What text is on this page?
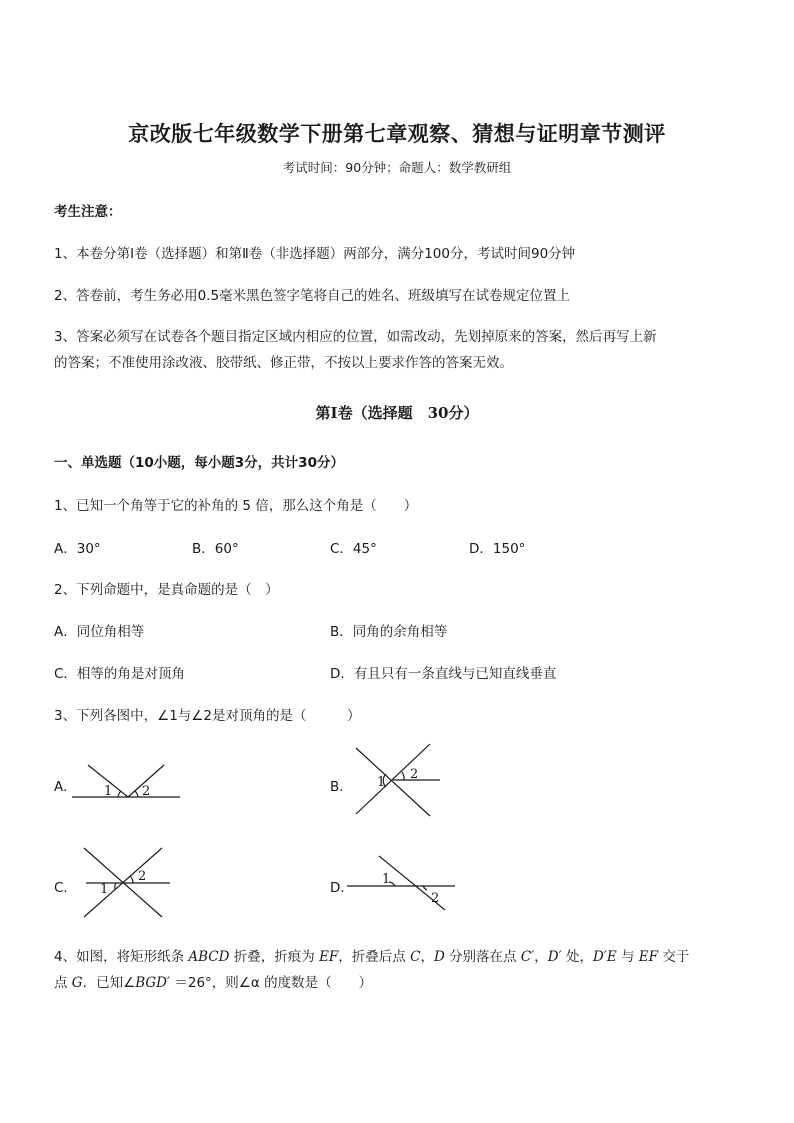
京改版七年级数学下册第七章观察、猜想与证明章节测评
考试时间：90分钟；命题人：数学教研组
考生注意：
1、本卷分第Ⅰ卷（选择题）和第Ⅱ卷（非选择题）两部分，满分100分，考试时间90分钟
2、答卷前，考生务必用0.5毫米黑色签字笔将自己的姓名、班级填写在试卷规定位置上
3、答案必须写在试卷各个题目指定区域内相应的位置，如需改动，先划掉原来的答案，然后再写上新
的答案；不准使用涂改液、胶带纸、修正带，不按以上要求作答的答案无效。
第Ⅰ卷（选择题　30分）
一、单选题（10小题，每小题3分，共计30分）
1、已知一个角等于它的补角的 5 倍，那么这个角是（　　）
A．30°	B．60°	C．45°	D．150°
2、下列命题中，是真命题的是（　）
A．同位角相等	B．同角的余角相等
C．相等的角是对顶角	D．有且只有一条直线与已知直线垂直
3、下列各图中，∠1与∠2是对顶角的是（　　　）
A． 1 2	B． 1
2
C． 1
2
D．
1
2
4、如图，将矩形纸条 ABCD 折叠，折痕为 EF，折叠后点 C，D 分别落在点 C′，D′ 处，D′E 与 EF 交于
点 G．已知∠BGD′ ＝26°，则∠α 的度数是（　　）
